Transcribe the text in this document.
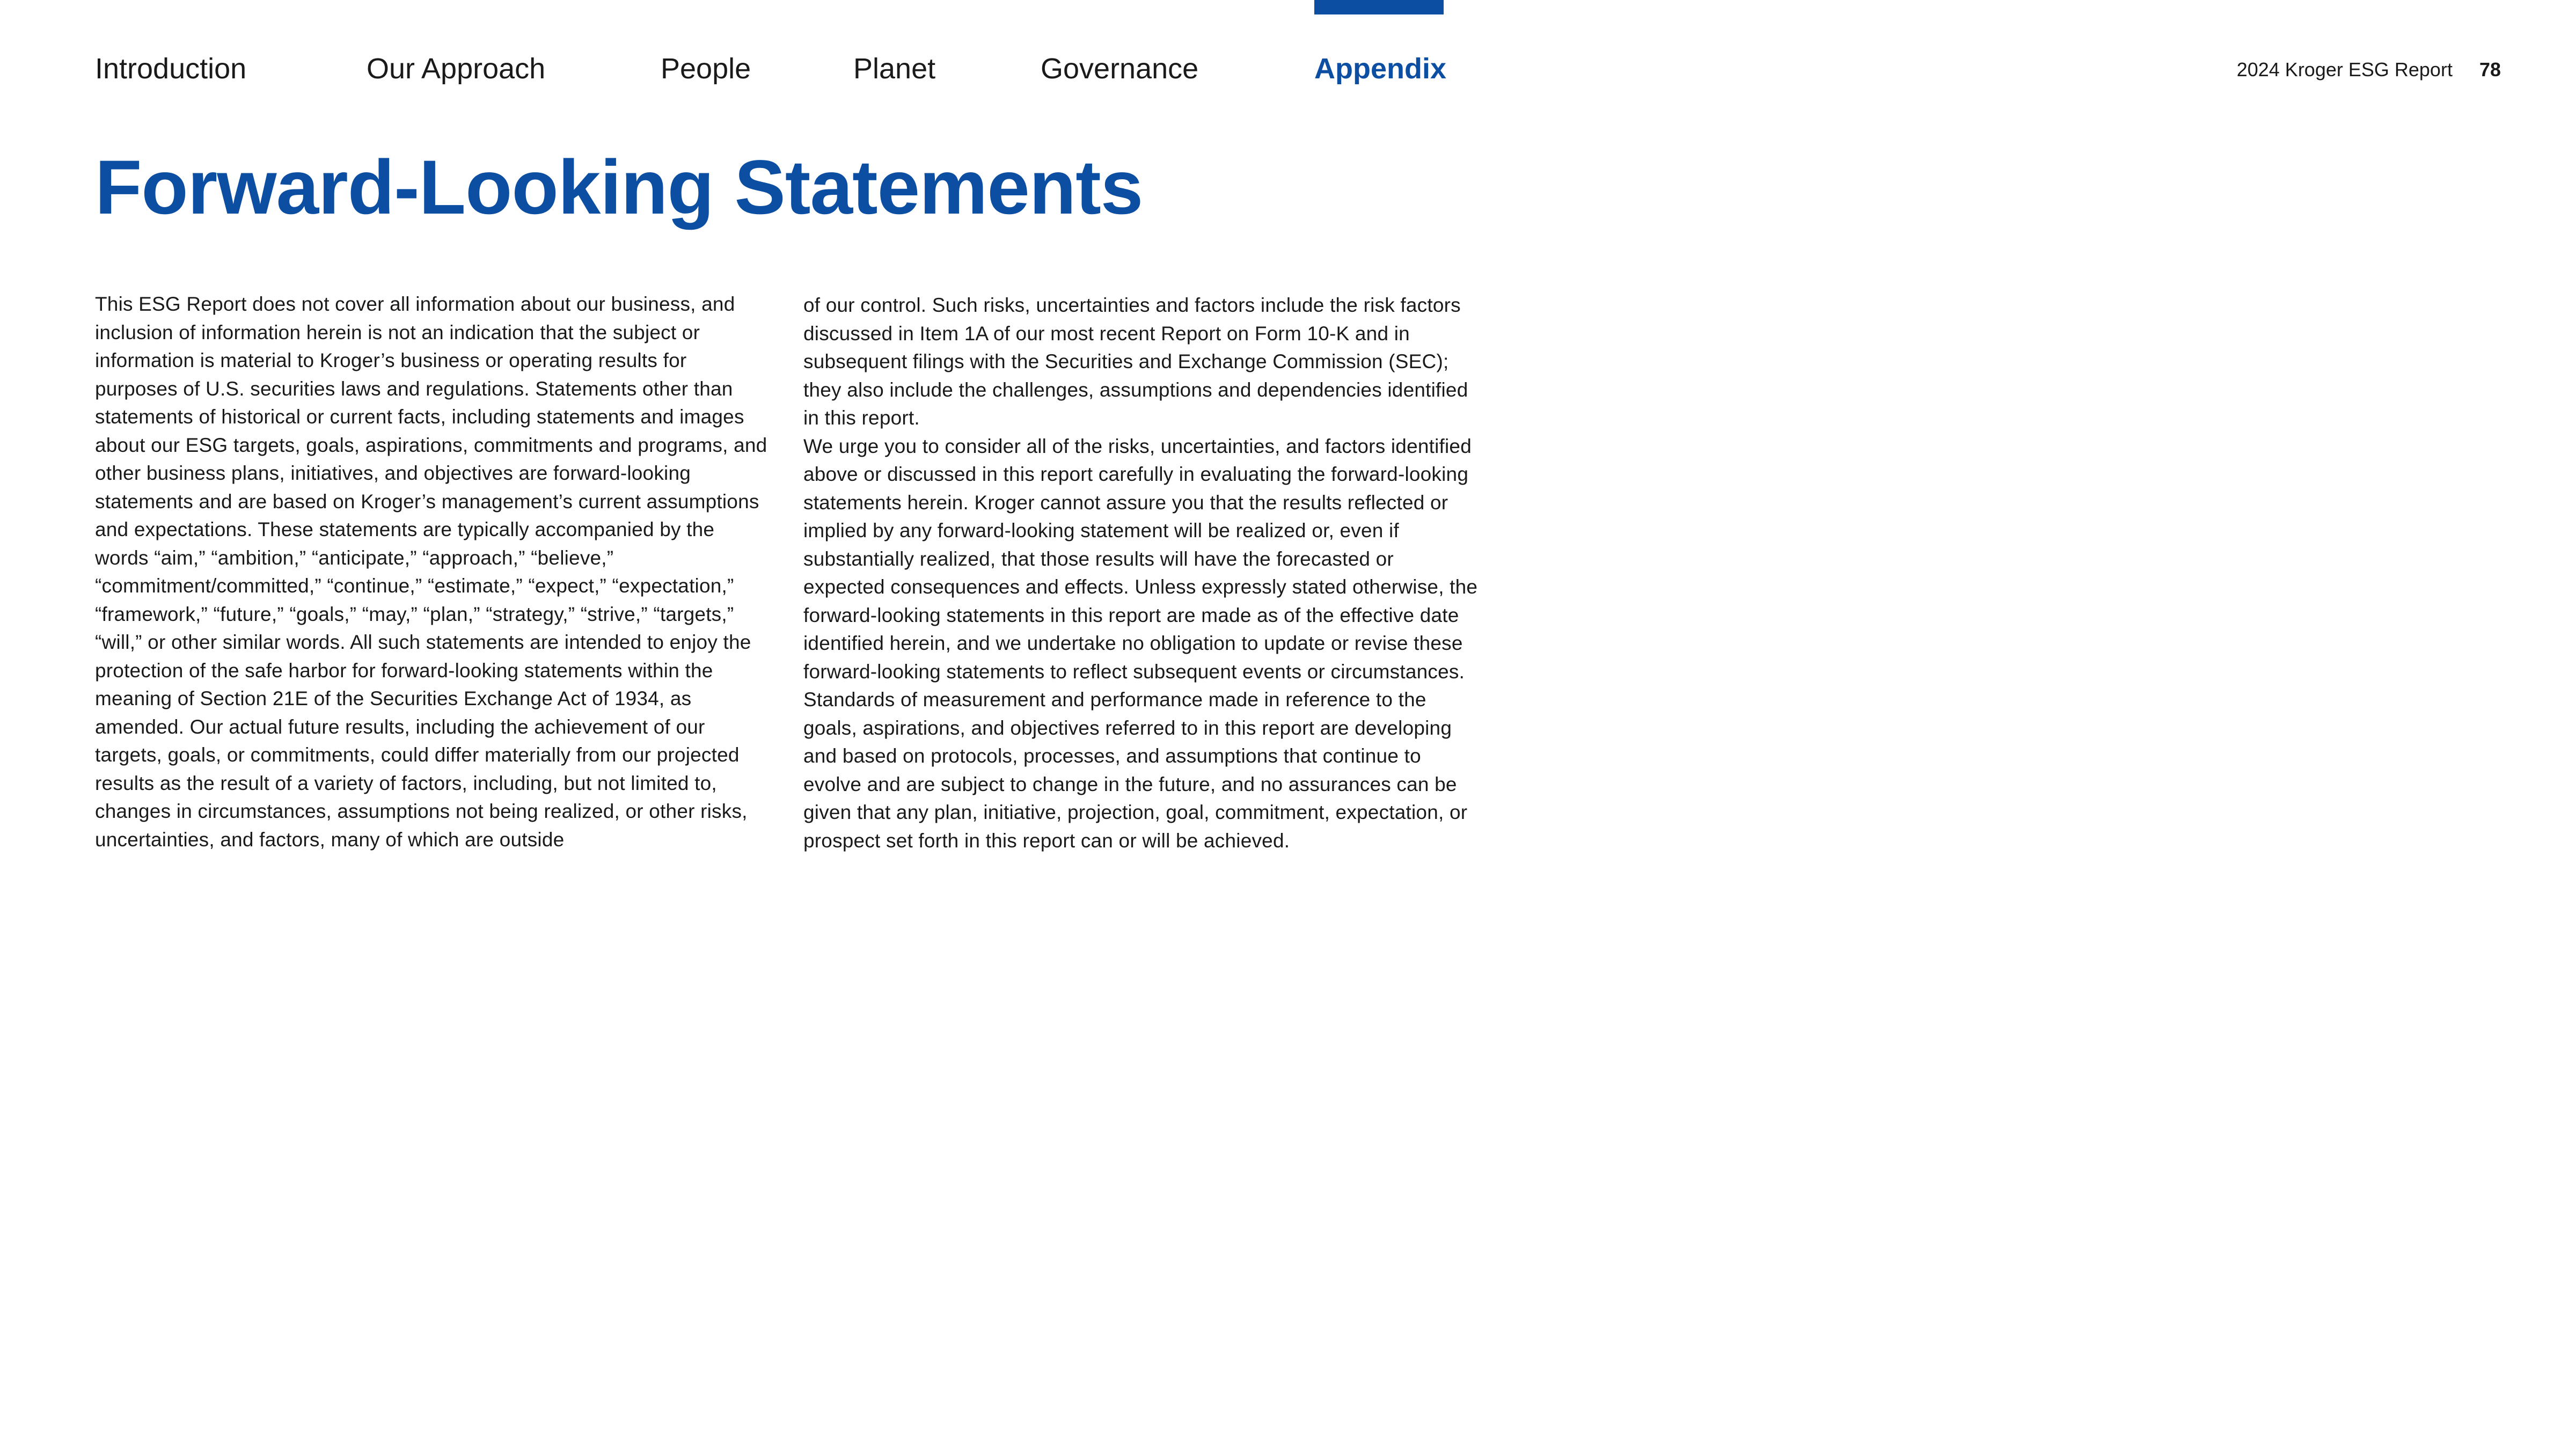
Introduction	Our Approach	People	Planet	Governance	Appendix	2024 Kroger ESG Report 78
Forward-Looking Statements

This ESG Report does not cover all information about our business, and inclusion of information herein is not an indication that the subject or information is material to Kroger’s business or operating results for purposes of U.S. securities laws and regulations. Statements other than statements of historical or current facts, including statements and images about our ESG targets, goals, aspirations, commitments and programs, and other business plans, initiatives, and objectives are forward-looking statements and are based on Kroger’s management’s current assumptions and expectations. These statements are typically accompanied by the words “aim,” “ambition,” “anticipate,” “approach,” “believe,” “commitment/committed,” “continue,” “estimate,” “expect,” “expectation,” “framework,” “future,” “goals,” “may,” “plan,” “strategy,” “strive,” “targets,” “will,” or other similar words. All such statements are intended to enjoy the protection of the safe harbor for forward-looking statements within the meaning of Section 21E of the Securities Exchange Act of 1934, as amended. Our actual future results, including the achievement of our targets, goals, or commitments, could differ materially from our projected results as the result of a variety of factors, including, but not limited to, changes in circumstances, assumptions not being realized, or other risks, uncertainties, and factors, many of which are outside

of our control. Such risks, uncertainties and factors include the risk factors discussed in Item 1A of our most recent Report on Form 10-K and in subsequent filings with the Securities and Exchange Commission (SEC); they also include the challenges, assumptions and dependencies identified in this report.

We urge you to consider all of the risks, uncertainties, and factors identified above or discussed in this report carefully in evaluating the forward-looking statements herein. Kroger cannot assure you that the results reflected or implied by any forward-looking statement will be realized or, even if substantially realized, that those results will have the forecasted or expected consequences and effects. Unless expressly stated otherwise, the forward-looking statements in this report are made as of the effective date identified herein, and we undertake no obligation to update or revise these forward-looking statements to reflect subsequent events or circumstances. Standards of measurement and performance made in reference to the goals, aspirations, and objectives referred to in this report are developing and based on protocols, processes, and assumptions that continue to evolve and are subject to change in the future, and no assurances can be given that any plan, initiative, projection, goal, commitment, expectation, or prospect set forth in this report can or will be achieved.
